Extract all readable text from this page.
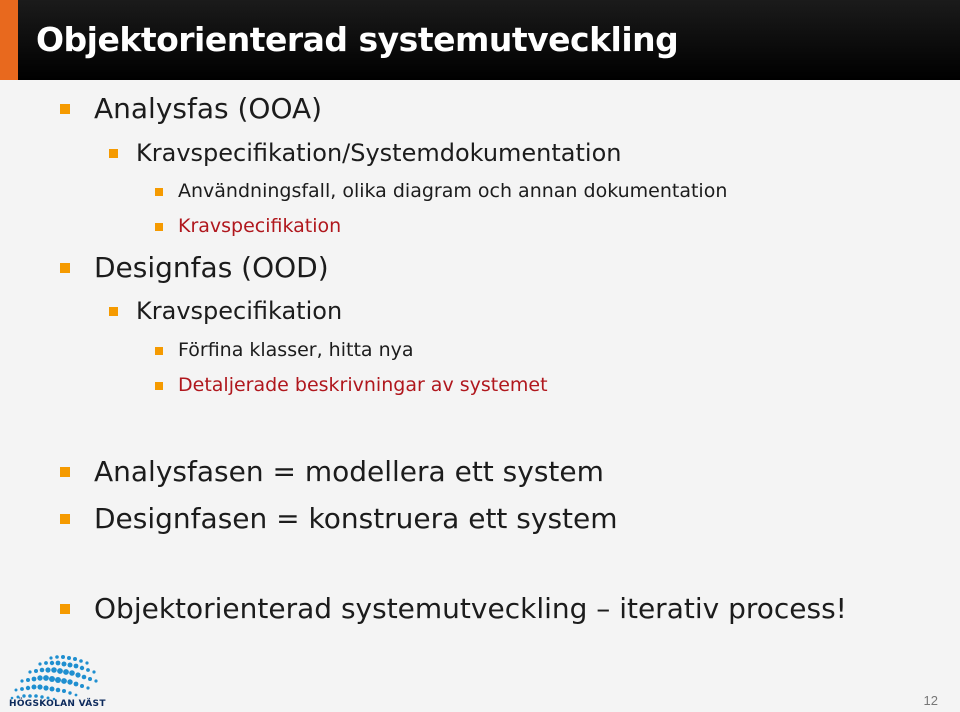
Objektorienterad systemutveckling
Analysfas (OOA)
Kravspecifikation/Systemdokumentation
Användningsfall, olika diagram och annan dokumentation
Kravspecifikation
Designfas (OOD)
Kravspecifikation
Förfina klasser, hitta nya
Detaljerade beskrivningar av systemet
Analysfasen = modellera ett system
Designfasen = konstruera ett system
Objektorienterad systemutveckling – iterativ process!
HÖGSKOLAN VÄST	12
